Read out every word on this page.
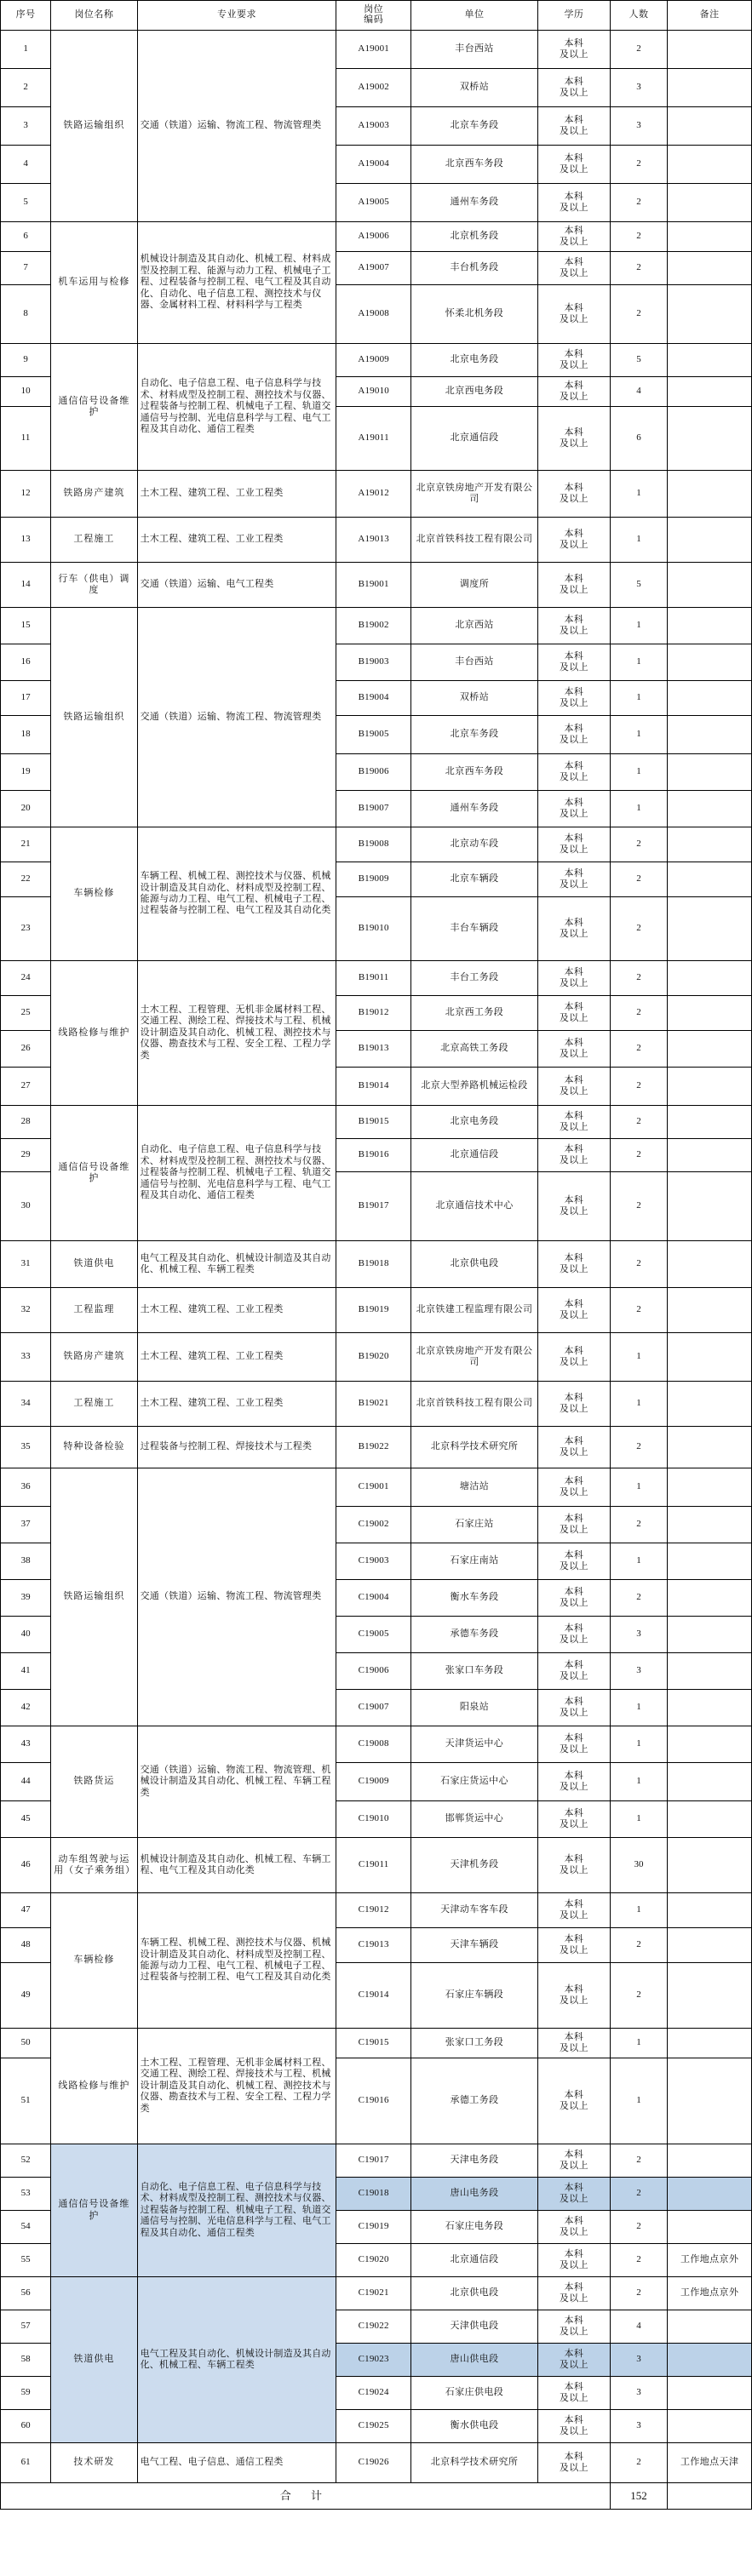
序号	岗位名称	专业要求	岗位
编码	单位	学历	人数	备注
1	铁路运输组织	交通（铁道）运输、物流工程、物流管理类	A19001	丰台西站	本科
及以上	2	
2			A19002	双桥站	本科
及以上	3	
3			A19003	北京车务段	本科
及以上	3	
4			A19004	北京西车务段	本科
及以上	2	
5			A19005	通州车务段	本科
及以上	2	
6	机车运用与检修	机械设计制造及其自动化、机械工程、材料成型及控制工程、能源与动力工程、机械电子工程、过程装备与控制工程、电气工程及其自动化、自动化、电子信息工程、测控技术与仪器、金属材料工程、材料科学与工程类	A19006	北京机务段	本科
及以上	2	
7			A19007	丰台机务段	本科
及以上	2	
8			A19008	怀柔北机务段	本科
及以上	2	
9	通信信号设备维护	自动化、电子信息工程、电子信息科学与技术、材料成型及控制工程、测控技术与仪器、过程装备与控制工程、机械电子工程、轨道交通信号与控制、光电信息科学与工程、电气工程及其自动化、通信工程类	A19009	北京电务段	本科
及以上	5	
10			A19010	北京西电务段	本科
及以上	4	
11			A19011	北京通信段	本科
及以上	6	
12	铁路房产建筑	土木工程、建筑工程、工业工程类	A19012	北京京铁房地产开发有限公司	本科
及以上	1	
13	工程施工	土木工程、建筑工程、工业工程类	A19013	北京首铁科技工程有限公司	本科
及以上	1	
14	行车（供电）调度	交通（铁道）运输、电气工程类	B19001	调度所	本科
及以上	5	
15	铁路运输组织	交通（铁道）运输、物流工程、物流管理类	B19002	北京西站	本科
及以上	1	
16			B19003	丰台西站	本科
及以上	1	
17			B19004	双桥站	本科
及以上	1	
18			B19005	北京车务段	本科
及以上	1	
19			B19006	北京西车务段	本科
及以上	1	
20			B19007	通州车务段	本科
及以上	1	
21	车辆检修	车辆工程、机械工程、测控技术与仪器、机械设计制造及其自动化、材料成型及控制工程、能源与动力工程、电气工程、机械电子工程、过程装备与控制工程、电气工程及其自动化类	B19008	北京动车段	本科
及以上	2	
22			B19009	北京车辆段	本科
及以上	2	
23			B19010	丰台车辆段	本科
及以上	2	
24	线路检修与维护	土木工程、工程管理、无机非金属材料工程、交通工程、测绘工程、焊接技术与工程、机械设计制造及其自动化、机械工程、测控技术与仪器、勘查技术与工程、安全工程、工程力学类	B19011	丰台工务段	本科
及以上	2	
25			B19012	北京西工务段	本科
及以上	2	
26			B19013	北京高铁工务段	本科
及以上	2	
27			B19014	北京大型养路机械运检段	本科
及以上	2	
28	通信信号设备维护	自动化、电子信息工程、电子信息科学与技术、材料成型及控制工程、测控技术与仪器、过程装备与控制工程、机械电子工程、轨道交通信号与控制、光电信息科学与工程、电气工程及其自动化、通信工程类	B19015	北京电务段	本科
及以上	2	
29			B19016	北京通信段	本科
及以上	2	
30			B19017	北京通信技术中心	本科
及以上	2	
31	铁道供电	电气工程及其自动化、机械设计制造及其自动化、机械工程、车辆工程类	B19018	北京供电段	本科
及以上	2	
32	工程监理	土木工程、建筑工程、工业工程类	B19019	北京铁建工程监理有限公司	本科
及以上	2	
33	铁路房产建筑	土木工程、建筑工程、工业工程类	B19020	北京京铁房地产开发有限公司	本科
及以上	1	
34	工程施工	土木工程、建筑工程、工业工程类	B19021	北京首铁科技工程有限公司	本科
及以上	1	
35	特种设备检验	过程装备与控制工程、焊接技术与工程类	B19022	北京科学技术研究所	本科
及以上	2	
36	铁路运输组织	交通（铁道）运输、物流工程、物流管理类	C19001	塘沽站	本科
及以上	1	
37			C19002	石家庄站	本科
及以上	2	
38			C19003	石家庄南站	本科
及以上	1	
39			C19004	衡水车务段	本科
及以上	2	
40			C19005	承德车务段	本科
及以上	3	
41			C19006	张家口车务段	本科
及以上	3	
42			C19007	阳泉站	本科
及以上	1	
43	铁路货运	交通（铁道）运输、物流工程、物流管理、机械设计制造及其自动化、机械工程、车辆工程类	C19008	天津货运中心	本科
及以上	1	
44			C19009	石家庄货运中心	本科
及以上	1	
45			C19010	邯郸货运中心	本科
及以上	1	
46	动车组驾驶与运用（女子乘务组）	机械设计制造及其自动化、机械工程、车辆工程、电气工程及其自动化类	C19011	天津机务段	本科
及以上	30	
47	车辆检修	车辆工程、机械工程、测控技术与仪器、机械设计制造及其自动化、材料成型及控制工程、能源与动力工程、电气工程、机械电子工程、过程装备与控制工程、电气工程及其自动化类	C19012	天津动车客车段	本科
及以上	1	
48			C19013	天津车辆段	本科
及以上	2	
49			C19014	石家庄车辆段	本科
及以上	2	
50	线路检修与维护	土木工程、工程管理、无机非金属材料工程、交通工程、测绘工程、焊接技术与工程、机械设计制造及其自动化、机械工程、测控技术与仪器、勘查技术与工程、安全工程、工程力学类	C19015	张家口工务段	本科
及以上	1	
51			C19016	承德工务段	本科
及以上	1	
52	通信信号设备维护	自动化、电子信息工程、电子信息科学与技术、材料成型及控制工程、测控技术与仪器、过程装备与控制工程、机械电子工程、轨道交通信号与控制、光电信息科学与工程、电气工程及其自动化、通信工程类	C19017	天津电务段	本科
及以上	2	
53			C19018	唐山电务段	本科
及以上	2	
54			C19019	石家庄电务段	本科
及以上	2	
55			C19020	北京通信段	本科
及以上	2	工作地点京外
56	铁道供电	电气工程及其自动化、机械设计制造及其自动化、机械工程、车辆工程类	C19021	北京供电段	本科
及以上	2	工作地点京外
57			C19022	天津供电段	本科
及以上	4	
58			C19023	唐山供电段	本科
及以上	3	
59			C19024	石家庄供电段	本科
及以上	3	
60			C19025	衡水供电段	本科
及以上	3	
61	技术研发	电气工程、电子信息、通信工程类	C19026	北京科学技术研究所	本科
及以上	2	工作地点天津
合 计						152	
